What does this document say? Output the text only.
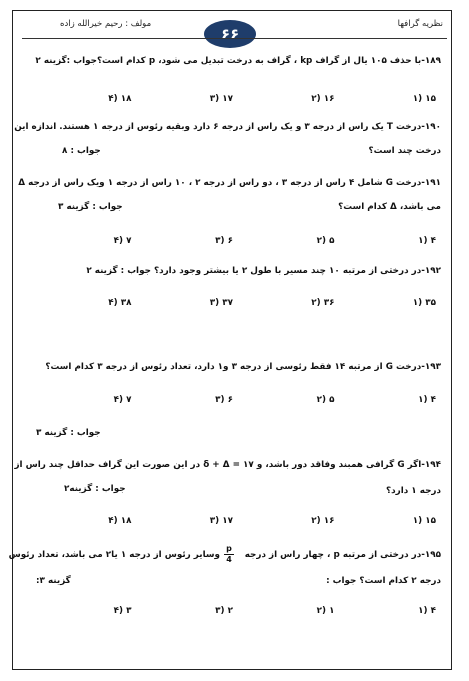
نظریه گرافها
مولف : رحیم خیرالله زاده
۶۶
۱۸۹-با حذف ۱۰۵ یال از گراف kp ، گراف به درخت تبدیل می شود، p کدام است؟جواب :گزینه ۲
۱۵ (۱
۱۶ (۲
۱۷ (۳
۱۸ (۴
۱۹۰-درخت T یک راس از درجه ۳ و یک راس از درجه ۶ دارد وبقیه رئوس از درجه ۱ هستند. اندازه این
درخت چند است؟
جواب : ۸
۱۹۱-درخت G شامل ۴ راس از درجه ۳ ، دو راس از درجه ۲ ، ۱۰ راس از درجه ۱ ویک راس از درجه Δ
می باشد، Δ کدام است؟
جواب : گزینه ۳
۴ (۱
۵ (۲
۶ (۳
۷ (۴
۱۹۲-در درختی از مرتبه ۱۰ چند مسیر با طول ۲ یا بیشتر وجود دارد؟ جواب : گزینه ۲
۳۵ (۱
۳۶ (۲
۳۷ (۳
۳۸ (۴
۱۹۳-درخت G از مرتبه ۱۴ فقط رئوسی از درجه ۳ و۱ دارد، تعداد رئوس از درجه ۳ کدام است؟
۴ (۱
۵ (۲
۶ (۳
۷ (۴
جواب : گزینه ۳
۱۹۴-اگر G گرافی همبند وفاقد دور باشد، و ۱۷ = δ + Δ در این صورت این گراف حداقل چند راس از
درجه ۱ دارد؟
جواب : گزینه۲
۱۵ (۱
۱۶ (۲
۱۷ (۳
۱۸ (۴
۱۹۵-در درختی از مرتبه p ، چهار راس از درجه
p
4
وسایر رئوس از درجه ۱ یا۲ می باشد، تعداد رئوس
درجه ۲ کدام است؟ جواب :
گزینه ۳:
۴ (۱
۱ (۲
۲ (۳
۳ (۴
